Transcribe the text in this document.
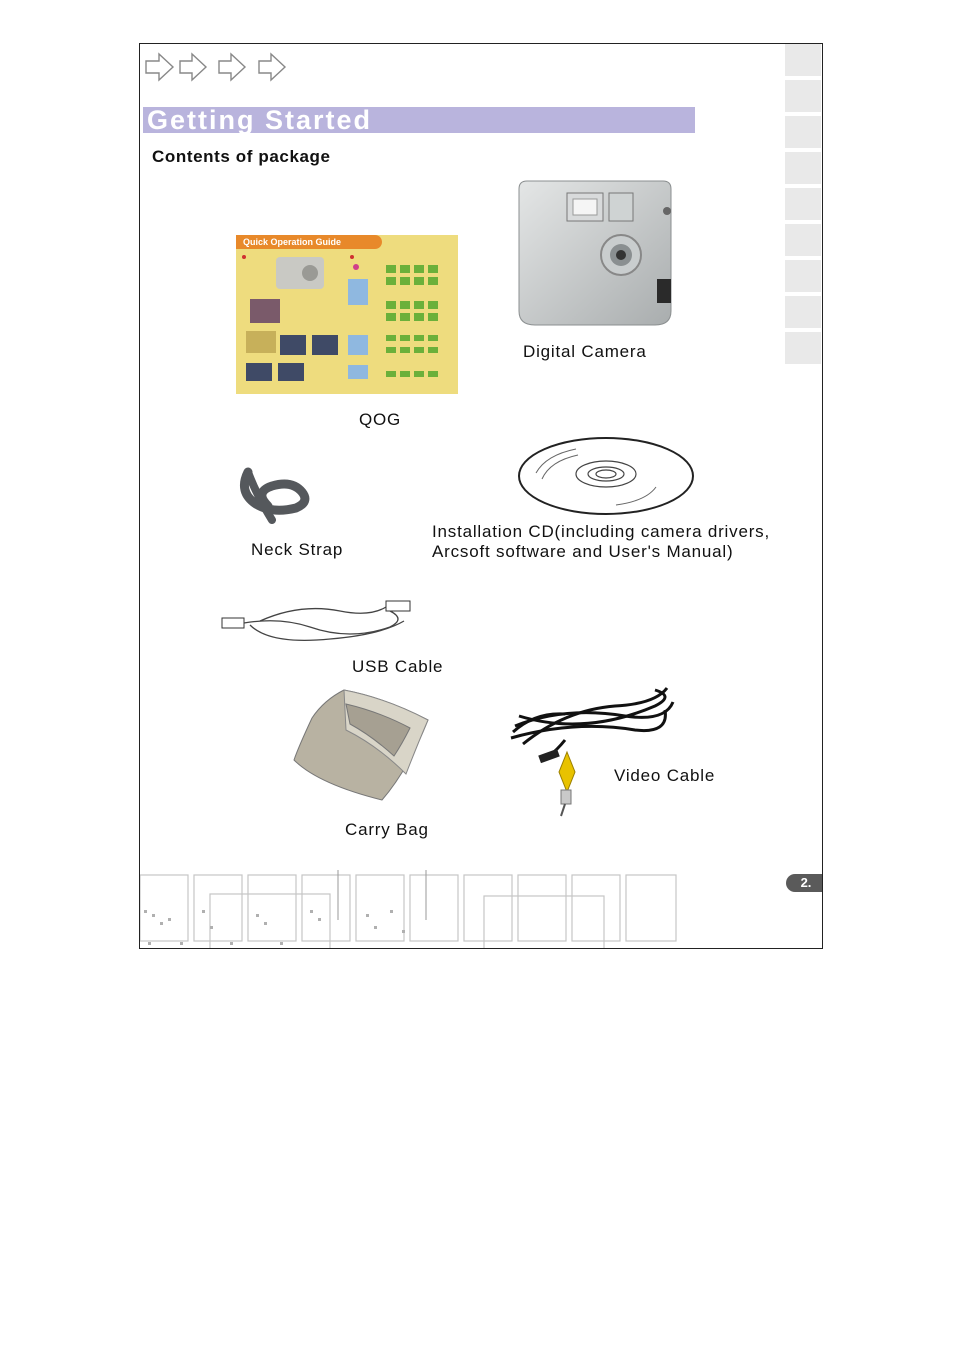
Getting Started
Contents of package
Quick Operation Guide
QOG
Digital Camera
Neck Strap
Installation CD(including camera drivers,
Arcsoft software and User's Manual)
USB Cable
Video Cable
Carry Bag
2.
